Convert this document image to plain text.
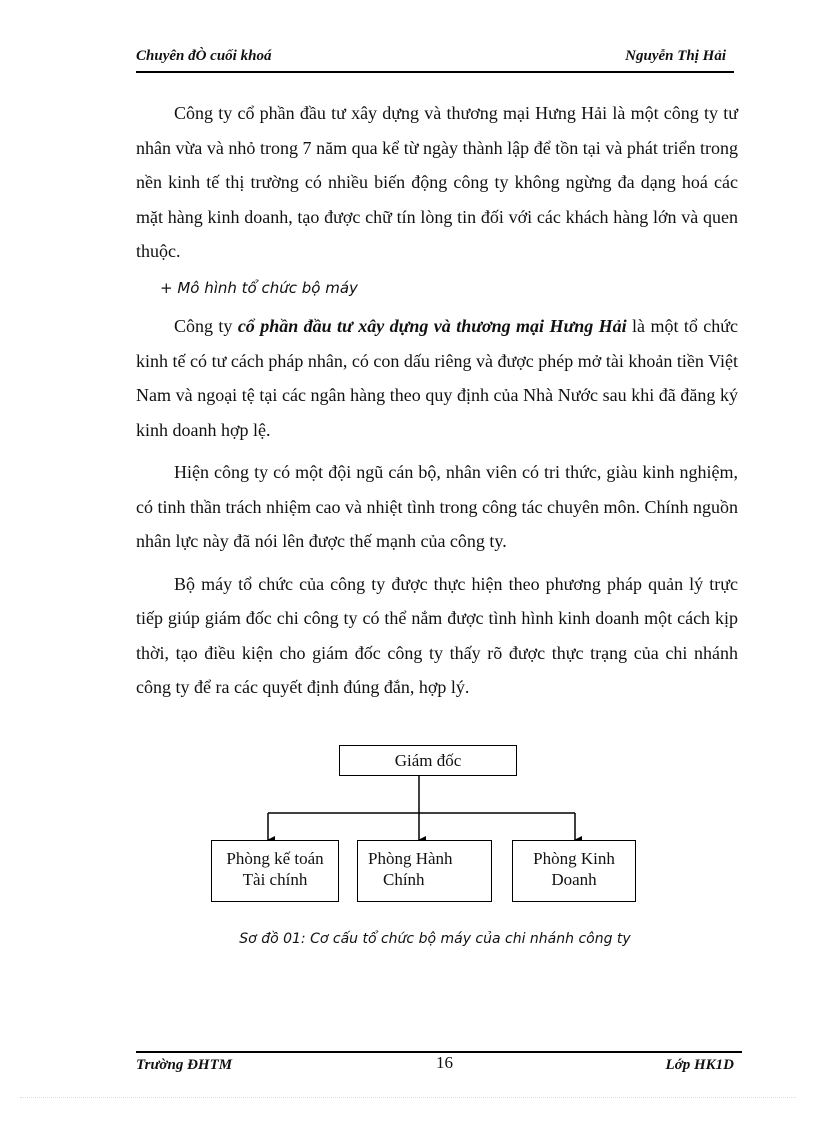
Chuyên đÒ cuối khoá	Nguyễn Thị Hải

Công ty cổ phần đầu tư xây dựng và thương mại Hưng Hải là một công ty tư nhân vừa và nhỏ trong 7 năm qua kể từ ngày thành lập để tồn tại và phát triển trong nền kinh tế thị trường có nhiều biến động công ty không ngừng đa dạng hoá các mặt hàng kinh doanh, tạo được chữ tín lòng tin đối với các khách hàng lớn và quen thuộc.

+ Mô hình tổ chức bộ máy

Công ty cổ phần đầu tư xây dựng và thương mại Hưng Hải là một tổ chức kinh tế có tư cách pháp nhân, có con dấu riêng và được phép mở tài khoản tiền Việt Nam và ngoại tệ tại các ngân hàng theo quy định của Nhà Nước sau khi đã đăng ký kinh doanh hợp lệ.

Hiện công ty có một đội ngũ cán bộ, nhân viên có tri thức, giàu kinh nghiệm, có tinh thần trách nhiệm cao và nhiệt tình trong công tác chuyên môn. Chính nguồn nhân lực này đã nói lên được thế mạnh của công ty.

Bộ máy tổ chức của công ty được thực hiện theo phương pháp quản lý trực tiếp giúp giám đốc chi công ty có thể nắm được tình hình kinh doanh một cách kịp thời, tạo điều kiện cho giám đốc công ty thấy rõ được thực trạng của chi nhánh công ty để ra các quyết định đúng đắn, hợp lý.

Giám đốc
Phòng kế toán
Tài chính
Phòng Hành
Chính
Phòng Kinh
Doanh
Sơ đồ 01: Cơ cấu tổ chức bộ máy của chi nhánh công ty
Trường ĐHTM	16	Lớp HK1D
